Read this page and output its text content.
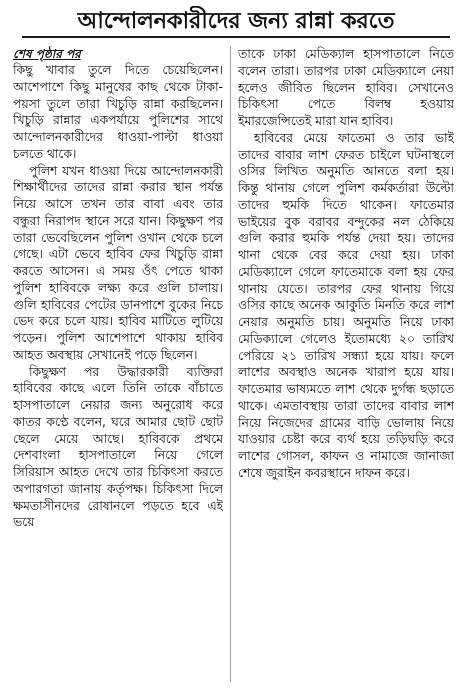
আন্দোলনকারীদের জন্য রান্না করতে
শেষ পৃষ্ঠার পর

কিছু খাবার তুলে দিতে চেয়েছিলেন। আশেপাশে কিছু মানুষের কাছ থেকে টাকা-পয়সা তুলে তারা খিচুড়ি রান্না করছিলেন। খিচুড়ি রান্নার একপর্যায়ে পুলিশের সাথে আন্দোলনকারীদের ধাওয়া-পাল্টা ধাওয়া চলতে থাকে।

পুলিশ যখন ধাওয়া দিয়ে আন্দোলনকারী শিক্ষার্থীদের তাদের রান্না করার স্থান পর্যন্ত নিয়ে আসে তখন তার বাবা এবং তার বন্ধুরা নিরাপদ স্থানে সরে যান। কিছুক্ষণ পর তারা ভেবেছিলেন পুলিশ ওখান থেকে চলে গেছে। এটা ভেবে হাবিব ফের খিচুড়ি রান্না করতে আসেন। এ সময় ওঁৎ পেতে থাকা পুলিশ হাবিবকে লক্ষ্য করে গুলি চালায়। গুলি হাবিবের পেটের ডানপাশে বুকের নিচে ভেদ করে চলে যায়। হাবিব মাটিতে লুটিয়ে পড়েন। পুলিশ আশেপাশে থাকায় হাবিব আহত অবস্থায় সেখানেই পড়ে ছিলেন।

কিছুক্ষণ পর উদ্ধারকারী ব্যক্তিরা হাবিবের কাছে এলে তিনি তাকে বাঁচাতে হাসপাতালে নেয়ার জন্য অনুরোধ করে কাতর কণ্ঠে বলেন, ঘরে আমার ছোট ছোট ছেলে মেয়ে আছে। হাবিবকে প্রথমে দেশবাংলা হাসপাতালে নিয়ে গেলে সিরিয়াস আহত দেখে তার চিকিৎসা করতে অপারগতা জানায় কর্তৃপক্ষ। চিকিৎসা দিলে ক্ষমতাসীনদের রোষানলে পড়তে হবে এই ভয়ে

তাকে ঢাকা মেডিক্যাল হাসপাতালে নিতে বলেন তারা। তারপর ঢাকা মেডিক্যালে নেয়া হলেও জীবিত ছিলেন হাবিব। সেখানেও চিকিৎসা পেতে বিলম্ব হওয়ায় ইমারজেন্সিতেই মারা যান হাবিব।

হাবিবের মেয়ে ফাতেমা ও তার ভাই তাদের বাবার লাশ ফেরত চাইলে ঘটনাস্থলে ওসির লিখিত অনুমতি আনতে বলা হয়। কিন্তু থানায় গেলে পুলিশ কর্মকর্তারা উল্টো তাদের হুমকি দিতে থাকেন। ফাতেমার ভাইয়ের বুক বরাবর বন্দুকের নল ঠেকিয়ে গুলি করার হুমকি পর্যন্ত দেয়া হয়। তাদের থানা থেকে বের করে দেয়া হয়। ঢাকা মেডিক্যালে গেলে ফাতেমাকে বলা হয় ফের থানায় যেতে। তারপর ফের থানায় গিয়ে ওসির কাছে অনেক আকুতি মিনতি করে লাশ নেয়ার অনুমতি চায়। অনুমতি নিয়ে ঢাকা মেডিক্যালে গেলেও ইতোমধ্যে ২০ তারিখ পেরিয়ে ২১ তারিখ সন্ধ্যা হয়ে যায়। ফলে লাশের অবস্থাও অনেক খারাপ হয়ে যায়। ফাতেমার ভাষ্যমতে লাশ থেকে দুর্গন্ধ ছড়াতে থাকে। এমতাবস্থায় তারা তাদের বাবার লাশ নিয়ে নিজেদের গ্রামের বাড়ি ভোলায় নিয়ে যাওয়ার চেষ্টা করে ব্যর্থ হয়ে তড়িঘড়ি করে লাশের গোসল, কাফন ও নামাজে জানাজা শেষে জুরাইন কবরস্থানে দাফন করে।
